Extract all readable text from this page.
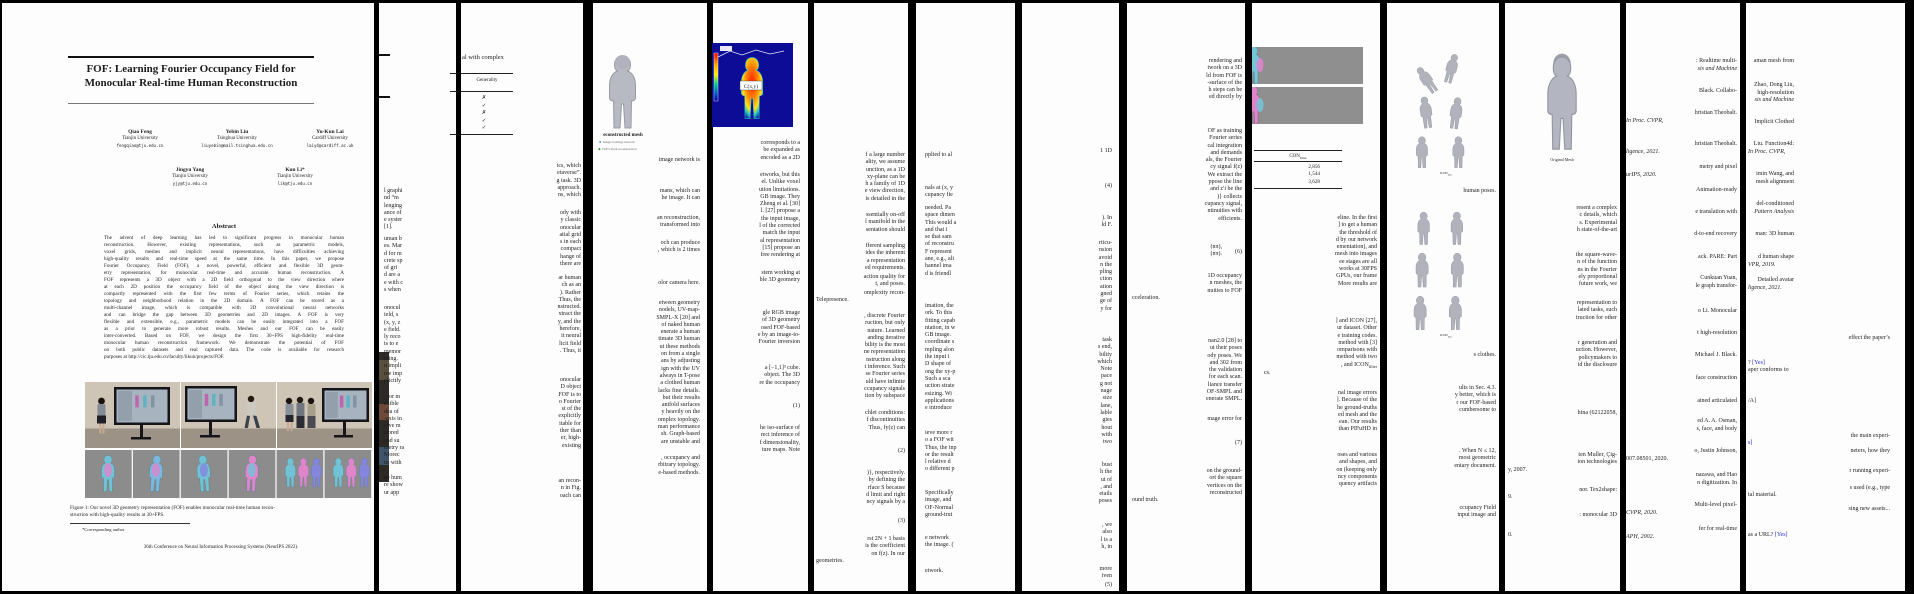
FOF: Learning Fourier Occupancy Field for
Monocular Real-time Human Reconstruction
Qiao Feng
Tianjin University
fengqiao@tju.edu.cn
Yebin Liu
Tsinghua University
liuyebin@mail.tsinghua.edu.cn
Yu-Kun Lai
Cardiff University
laiy4@cardiff.ac.uk
Jingyu Yang
Tianjin University
yjy@tju.edu.cn
Kun Li*
Tianjin University
lik@tju.edu.cn
Abstract
The advent of deep learning has led to significant progress in monocular human
reconstruction. However, existing representations, such as parametric models,
voxel grids, meshes and implicit neural representations, have difficulties achieving
high-quality results and real-time speed at the same time. In this paper, we propose
Fourier Occupancy Field (FOF), a novel, powerful, efficient and flexible 3D geom-
etry representation, for monocular real-time and accurate human reconstruction. A
FOF represents a 3D object with a 2D field orthogonal to the view direction where
at each 2D position the occupancy field of the object along the view direction is
compactly represented with the first few terms of Fourier series, which retains the
topology and neighborhood relation in the 2D domain. A FOF can be stored as a
multi-channel image, which is compatible with 2D convolutional neural networks
and can bridge the gap between 3D geometries and 2D images. A FOF is very
flexible and extensible, e.g., parametric models can be easily integrated into a FOF
as a prior to generate more robust results. Meshes and our FOF can be easily
inter-converted. Based on FOF, we design the first 30+FPS high-fidelity real-time
monocular human reconstruction framework. We demonstrate the potential of FOF
on both public datasets and real captured data. The code is available for research
purposes at http://cic.tju.edu.cn/faculty/likun/projects/FOF.
Figure 1: Our novel 3D geometry representation (FOF) enables monocular real-time human recon-
struction with high-quality results at 30+FPS.
*Corresponding author
36th Conference on Neural Information Processing Systems (NeurIPS 2022).
l graphi
nd “m
lenging
ance of
e syster
[1].
uman b
es. Mar
d for m
crete sp
of gri
d are a
e with c
s when
onocul
ield, s
(x, y, z
e field.
ly reco
ts to e
memor
ming.
n impli
ree imp
plicitly
, for m
exible
dea of
-axis in
erve m
stored
and su
metry ra
Morec
ns with
ne hum
re show
ur app
al with complex
Generality
✗
✓
✗
✓
✓
ics, which
etaverse”.
g task. 3D
approach.
ns, which
ody with
y classic
onocular
atial grid
s in each
compact
hange of
there are
ar human
ch as an
). Rather
Thus, the
nstructed.
xtract the
y, and the
herefore,
it neural
licit field
. Thus, it
onocular
D object
FOF is to
o Fourier
st of the
explicitly
itable for
ther than
er, high-
existing
an recon-
n in Fig.
oach can
econstructed mesh
◄ Image-to-image network
◆ FOF's mesh reconstruction
image network is
mans, which can
he image. It can
an reconstruction,
transformed into
och can produce
, which is 2 times
olor camera here.
etween geometry
nodels, UV-map-
SMPL-X [20] and
of naked human
enerate a human
timate 3D human
ut these methods
on from a single
ans by adjusting
ign with the UV
always in T-pose
a clothed human
lacks fine details.
but their results
anifold surfaces
y heavily on the
omplex topology.
man performance
sh. Graph-based
are unstable and
, occupancy and
rbitrary topology.
e-based methods.
C(x,y)
corresponds to a
be expanded as
encoded as a 2D
etworks, but this
el. Unlike voxel
ution limitations.
GB image. They
Zheng et al. [30]
l. [27] propose a
the input image,
l of the corrected
match the input
al representation
[15] propose an
free rendering at
stem working at
ble 3D geometry
gle RGB image
of 3D geometry
osed FOF-based
e by an image-to-
Fourier inversion
a [−1,1]³ cube.
object. The 3D
re the occupancy
(1)
he iso-surface of
rect inference of
f dimensionality,
ture maps. Note
f a large number
ality, we assume
unction, as a 1D
xy-plane can be
h a family of 1D
e view direction,
is detailed in the
ssentially on-off
l manifold in the
sentation should
fferent sampling
ides the inherent
a representation
ed requirements.
action quality for
t, and poses.
omplexity recon-
Telepresence.
, discrete Fourier
ruction, but only
nature. Learned
anding iterative
bility is the most
ne representation
nstruction along
t inference. Such
se Fourier series
uld have infinite
ccupancy signals
tion by subspace
chlet conditions:
f discontinuities
Thus, fy(z) can
(2)
)}, respectively.
by defining the
rface S because
d limit and right
ncy signals by a
(3)
rst 2N + 1 basis
is the coefficient
on f(z). In our
geometries.
pplied to al
nals at (x, y
cupancy fie
needed. Pa
space dimen
This would a
and that i
se that sam
of reconstru
F represent
ane, e.g., ali
hannel ima
d is friendl
imation, the
ork. To this
fitting capab
ntation, in w
GB image.
coordinate s
mpling alon
the input i
D shape of
ong the xy-p
Such a sca
uction strate
esizing. Wi
applications
e introduce
ieve more r
o a FOF wit
Thus, the inp
or the result
l relative d
o different p
Specifically
image, and
OF-Normal
ground-trut
e network
the image. (
etwork.
1 1D
(4)
). In
ld F.
rticu-
nsion
avoid
n the
pling
ction
ation
gned
ge of
y for
task
s end,
bility
which
Note
pace
g not
nage
size
lane,
lable
gies
hout
with
two
bust
h the
ut of
, and
etails
poses
, we
also
l is a
h, in
more
iven
(5)
rendering and
twork on a 3D
ld from FOF is
-surface of the
h steps can be
ed directly by
OF as training
Fourier series
cal integration
and demands
als, the Fourier
cy signal f(z)
We extract the
ppose the line
and z′i be the
)} collects
cupancy signal,
ntinuities with
efficients.
(nπ),
(nπ).	(6)
1D occupancy
n meshes, the
nuities to FOF
cceleration.
nan2.0 [28] to
ut their poses
ody poses. We
and 302 from
the validation
for each scan.
liance transfer
OF-SMPL and
enerate SMPL.
mage error for
(7)
on the ground-
ort the square
vertices on the
reconstructed
ound truth.
$CON_{filter}$
2,856
1,544
3,628
eline. In the first
] to get a human
the threshold of
d by our network
ementation), and
mesh into images
ee stages are all
works at 30FPS
GPUs, our frame
More results are
] and ICON [27],
ur dataset. Other
e training codes.
method with [3]
omparisons with
method with two
, and $ICON_{filter}$
cs.
nal image errors
]. Because of the
he ground-truths
ed mesh and the
ean. Our results
than PIFuHD in
oses and various
and shapes, and
on (keeping only
ncy components
quency artifacts
$ICON_{filter}$
human poses.
$ICON_{filter}$
s clothes.
ults in Sec. 4.3.
y better, which is
r our FOF-based
cumbersome to
. When N ≤ 12,
most geometric
entary document.
ccupancy Field
input image and
Original Mesh
resent a complex
c details, which
s. Experimental
h state-of-the-art
the square-wave-
n of the function
ns in the Fourier
ely proportional
future work, we
representation to
lated tasks, such
truction for other
r generation and
uction. However,
policymakers to
id the disclosure
hina (62122058,
ten Muller, Çig-
ion technologies
y, 2007.
nor. Tex2shape:
9.
: monocular 3D
0.
: Realtime multi-
sis and Machine
Black. Collabo-
hristian Theobalt.
In Proc. CVPR,
hristian Theobalt.
ligence, 2021.
metry and pixel
urIPS, 2020.
Animation-ready
e translation with
d-to-end recovery
ack. PARE: Part
Cunkuan Yuan,
le graph transfor-
o Li. Monocular
t high-resolution
Michael J. Black.
face construction
ained articulated
ed A. A. Osman,
s, face, and body
o, Justin Johnson,
007.08501, 2020.
nazawa, and Hao
n digitization. In
Multi-level pixel-
CVPR, 2020.
fer for real-time
APH, 2002.
aman mesh from
Zhao, Dong Liu,
high-resolution
sis and Machine
Implicit Clothed
Liu. Function4d:
In Proc. CVPR,
imin Wang, and
mesh alignment
del-conditioned
Pattern Analysis
man: 3D human
d human shape
VPR, 2019.
Detailed avatar
ligence, 2021.
effect the paper’s
? [Yes]
aper conforms to
/A]
the main experi-
s]
neters, how they
r running experi-
s used (e.g., type
tal material.
sing new assets...
as a URL? [Yes]
